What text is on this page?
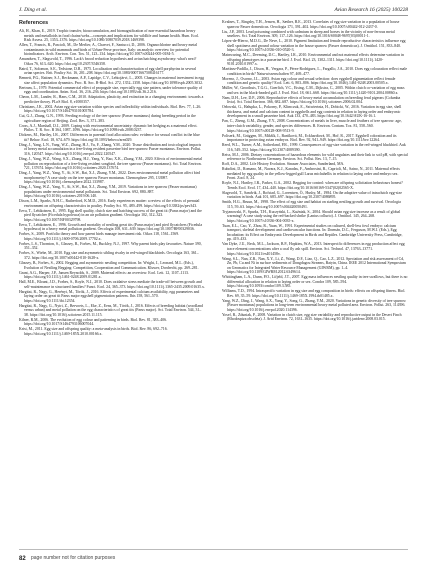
J. Ding et al.	Avian Research 16 (2025) 100228
References
Ali, H., Khan, E., 2019. Trophic transfer, bioaccumulation, and biomagnification of non-essential hazardous heavy metals and metalloids in food chains/webs—concepts and implications for wildlife and human health. Hum. Ecol. Risk Assess. 25, 1353–1376. https://doi.org/10.1080/10807039.2018.1469398.
Allen, T., Francis, R., Pascioli, M., De Merlier, A., Charvet, F., Santucci, D., 2006. Organochlorine and heavy metal contaminants in wild mammals and birds of Urban-Perse province, Italy: an analytic overview for potential bioindicators. Arch. Environ. Con. Tox. 51, 123–134. https://doi.org/10.1007/s00244-005-0184-5.
Amundsen, T., Slagsvold, T., 1996. Lack's brood reduction hypothesis and avian hatching asynchrony: what's next? Oikos 76, 613–620. https://doi.org/10.2307/3546358.
Baird, T., Solomon, S.E., Tedstone, D.R., 1975. Localisation and characterisation of egg shell porphyrins in several avian species. Brit. Poultry Sci. 16, 201–208. https://doi.org/10.1080/00071667508416177.
Bennett, P.G., Rattner, S.J., Beckmann, A.P., Lapidge, C.V., Lehtojärvi, L., 2005. Changes in maternal investment in egg size affect population dynamics. Proc. R. Soc. B-Biol. Sci. 272, 1352–1358. https://doi.org/10.1098/rspb.2005.3032.
Bertram, L., 1979. Potential commercial effect of propagule size, especially egg size pattern, under tolerance quality of eggs and coordination. Anim. Ecol. 36, 216–236. https://doi.org/10.1093/cdt.36.2.216.
Cheon, L.M., Lander, R., Hans, C.M., 2010. Adaptation, plasticity, and extinction in a changing environment: towards a predictive theory. PLoS Biol. 8, e1000357.
Christians, J.K., 2002. Avian egg size variation within species and inflexibility within individuals. Biol. Rev. 77, 1–26. https://doi.org/10.1017/S1464793101005784.
Cui, G.J., Zhang, G.N., 1993. Feeding ecology of the tree sparrow (Passer montanus) during breeding period in the agriculture region of Beijing. Zool. Res. 3, 371–383.
Cross, A.J., Marshall, D.J., 2009. Coping with environmental uncertainty: dynamic bet hedging as a maternal effect. Philos. T. R. Soc. B 364, 1087–1096. https://doi.org/10.1098/rstb.2008.0237.
Dickens, M., Hartley, I.R., 2007. Differences in parental food allocation rules: evidence for sexual conflict in the blue tit? Behav. Ecol. 18, 674–679. https://doi.org/10.1093/beheco/arm029.
Ding, J., Yang, L.N., Yang, W.Z., Zhang, H.J., Yu, F., Zhang, Y.M., 2020. Tissue distribution and toxicological impacts of heavy metal accumulation in a free-living resident passerine bird tree sparrow Passer montanus. Environ. Pollut. 316, 120547. https://doi.org/10.1016/j.envpol.2022.120547.
Ding, J., Yang, W.Z., Wang, S.X., Zhang, H.J., Yang, Y., Bao, X.K., Zhang, Y.M., 2020. Effects of environmental metal pollution on reproduction of a free-living resident songbird, the tree sparrow (Passer montanus). Sci. Total Environ. 721, 137674. https://doi.org/10.1016/j.scitotenv.2020.137674.
Ding, J., Yang, W.Z., Yang, Y., Ai, S.W., Bai, X.J., Zhang, Y.M., 2022. Does environmental metal pollution affect bird morphometry? A case study on the tree sparrow Passer montanus. Chemosphere 295, 133987. https://doi.org/10.1016/j.chemosphere.2022.133987.
Ding, J., Yang, W.Z., Yang, Y., Ai, S.W., Bai, X.J., Zhang, Y.M., 2019. Variations in tree sparrow (Passer montanus) populations under environmental metal pollutants. Sci. Total Environ. 692, 880–887. https://doi.org/10.1016/j.scitotenv.2019.06.140.
Dixon, L.M., Sparks, N.H.C., Rutherford, K.M.D., 2016. Early experiences matter: a review of the effects of prenatal environment on offspring characteristics in poultry. Poultry Sci. 95, 489–499. https://doi.org/10.3382/ps/pev343.
Eeva, T., Lehikoinen, E., 1995. Egg shell quality, clutch size and hatching success of the great tit (Parus major) and the pied flycatcher (Ficedula hypoleuca) in an air pollution gradient. Oecologia 102, 312–323. https://doi.org/10.1007/BF00329798.
Eeva, T., Lehikoinen, E., 1996. Growth and mortality of nestling great tits (Parus major) and pied flycatchers (Ficedula hypoleuca) in a heavy metal pollution gradient. Oecologia 108, 631–639. https://doi.org/10.1007/BF00329036.
Forbes, S., 2009. Portfolio theory and how parent birds manage investment risk. Oikos 118, 1561–1569. https://doi.org/10.1111/j.1600-0706.2009.17702.x.
Forbes, L.S., Thornton, S., Glassey, B., Forbes, M., Buckley, N.J., 1997. Why parent birds play favourites. Nature 390, 351–352.
Forbes, S., Wiebe, M., 2010. Egg size and asymmetric sibling rivalry in red-winged blackbirds. Oecologia 163, 361–372. https://doi.org/10.1007/s00442-010-1628-x.
Glassey, B., Forbes, S., 2002. Begging and asymmetric nestling competition. In: Wright, J., Leonard, M.L. (Eds.), Evolution of Nestling Begging: Competition, Cooperation and Communication. Kluwer, Dordrecht, pp. 269–281.
Grant, A.G., Harper, J.P., Jansen Reynolds, S., 2009. Maternal effects: an overview. Ecol. Lett. 12, 1107–1113. https://doi.org/10.1111/j.1461-0248.2009.01281.x.
Hall, M.E., Blount, J.D., Forbes, S., Royle, N.J., 2010. Does oxidative stress mediate the trade-off between growth and self-maintenance in structured families? Funct. Ecol. 24, 365–373. https://doi.org/10.1111/j.1365-2435.2009.01635.x.
Hargitai, R., Nagy, G., Herényi, M., Török, J., 2016. Effects of experimental calcium availability, egg parameters and laying order on great tit Parus major eggshell pigmentation patterns. Ibis 158, 561–570. https://doi.org/10.1111/ibi.12354.
Hargitai, R., Nagy, G., Nyiri, Z., Bervoets, L., Eke, Z., Eens, M., Török, J., 2016. Effects of breeding habitat (woodland versus urban) and metal pollution on the egg characteristics of great tits (Parus major). Sci. Total Environ. 544, 31–38. https://doi.org/10.1016/j.scitotenv.2015.11.115.
Kilner, R.M., 2006. The evolution of egg colour and patterning in birds. Biol. Rev. 81, 383–406. https://doi.org/10.1017/S1464793106007044.
Krist, M., 2011. Egg size and offspring quality: a meta-analysis in birds. Biol. Rev. 86, 692–716. https://doi.org/10.1111/j.1469-185X.2010.00166.x.
Kvalnes, T., Ringsby, T.H., Jensen, H., Sæther, B.E., 2013. Correlates of egg size variation in a population of house sparrow Passer domesticus. Oecologia 171, 391–402. https://doi.org/10.1007/s00442-012-2437-0.
Liu, J.P., 2003. Lead poisoning combined with cadmium in sheep and horses in the vicinity of non-ferrous metal smelters. Sci. Total Environ. 309, 117–126. https://doi.org/10.1016/S0048-9697(03)00011-1.
López-de-Hierro, M.D.G., De Neve, L., 2010. Pigment limitation and female reproductive characteristics influence egg shell spottiness and ground colour variation in the house sparrow (Passer domesticus). J. Ornithol. 151, 833–840. https://doi.org/10.1007/s10336-010-0520-3.
Mainwaring, M.C., Deeming, D.C., Hartley, I.R., 2010. Environmental and not maternal effects determine variation in offspring phenotypes in a passerine bird. J. Evol. Biol. 23, 1302–1311. https://doi.org/10.1111/j.1420-9101.2010.01997.x.
Martínez-Padilla, J., Dixon, H., Vergara, P., Pérez-Rodríguez, L., Fargallo, J.A., 2010. Does egg colouration reflect male condition in birds? Naturwissenschaften 97, 469–477.
Moreno, J., Osorno, J.L., 2003. Avian egg colour and sexual selection: does eggshell pigmentation reflect female condition and genetic quality? Ecol. Lett. 6, 803–806. https://doi.org/10.1046/j.1461-0248.2003.00505.x.
Müller, W., Groothuis, T.G.G., Goerlich, V.C., Eising, C.M., Dijkstra, C., 2005. Within clutch co-variation of egg mass and sex in the black-headed gull. J. Evol. Biol. 18, 661–668. https://doi.org/10.1111/j.1420-9101.2004.00860.x.
Nam, D.H., Lee, D.P., 2006. Reproductive effects of heavy metal accumulation on breeding feral pigeons (Columba livia). Sci. Total Environ. 366, 682–687. https://doi.org/10.1016/j.scitotenv.2006.02.004.
Orłowski, G., Hałupka, L., Pokorny, P., Klimczuk, E., Sztwiertnia, H., Dobicki, W., 2016. Variation in egg size, shell thickness, and metal and calcium content in eggshells and egg contents in relation to laying order and embryonic development in a small passerine bird. Auk 133, 470–483. https://doi.org/10.1642/AUK-16-16.1.
Pan, C., Zheng, G.M., Zhang, Y.Y., 2008. Concentrations of metals in liver, muscle and feathers of tree sparrow: age, inter-clutch variability, gender, and species differences. B. Environ. Contam. Tox. 81, 558–560. https://doi.org/10.1007/s00128-008-9513-9.
Poliserk, M., Grüggen, M., Mikšík, I., Bartíková, M., Eckhardtová, M., Hoř, R., 2017. Eggshell coloration and its importance in protecting avian embryos. Biol. Rev. 92, 941–949. https://doi.org/10.1111/brv.12264.
Reed, W.L., Turner, A.M., Sotherland, P.R., 1999. Consequences of egg-size variation in the red-winged blackbird. Auk 116, 549–552. https://doi.org/10.2307/4089390.
Reiss, M.J., 2006. Dietary concentrations of hazardous elements for wild ungulates and their link to soil pH, with special reference to Northeastern Germany. Environ. Sci. Pollut. Res. 13, 7–15.
Roff, D.A., 2002. Life History Evolution. Sinauer Associates, Sunderland, MA.
Rubolini, D., Romano, M., Navara, K.J., Karadas, F., Ambrosini, R., Caprioli, M., Saino, N., 2011. Maternal effects mediated by egg quality in the yellow-legged gull Larus michahellis in relation to laying order and embryo sex. Front. Zool. 8, 24.
Royle, N.J., Hartley, I.R., Parker, G.A., 2002. Begging for control: when are offspring solicitation behaviours honest? Trends Ecol. Evol. 17, 434–440. https://doi.org/10.1016/S0169-5347(02)02565-X.
Slagsvold, T., Sandvik, J., Rofstad, G., Lorentsen, Ö., Husby, M., 1984. On the adaptive value of intraclutch egg-size variation in birds. Auk 101, 685–697. https://doi.org/10.2307/4086895.
Smith, H.G., Bruun, M., 1998. The effect of egg size and habitat on starling nestling growth and survival. Oecologia 115, 59–63. https://doi.org/10.1007/s004420050491.
Tryjanowski, P., Sparks, T.H., Kuczyński, L., Kuźniak, S., 2004. Should avian egg size increase as a result of global warming? A case study using the red-backed shrike (Lanius collurio). J. Ornithol. 145, 264–268. https://doi.org/10.1007/s10336-004-0035-x.
Tuan, E.L., Cao, Y., Zhou, R., Yuan, W., 1991. Experimental studies on cultured, shell-less fowl embryo: calcium transport, skeletal development and cardiovascular functions. In: Dormán, D.C., Ferguson, M.W.J. (Eds.), Egg Incubation: its Effect on Embryonic Development in Birds and Reptiles. Cambridge University Press, Cambridge, pp. 419–433.
Van Dyke, J.U., Beck, M.L., Jackson, B.P., Hopkins, W.A., 2013. Interspecific differences in egg production affect egg trace element concentrations after a coal fly ash spill. Environ. Sci. Technol. 47, 13763–13771. https://doi.org/10.1021/es401458v.
Wang, S.L., Nan, Z.R., Nan, X.Y., Li, Z., Wang, D.F., Liao, Q., Cao, L.Z., 2012. Speciation and risk assessment of Cd, Zn, Pb, Cu and Ni in surface sediments of Dongdagou Streams, Baiyin, China. IEEE 2012 International Symposium on Geomatics for Integrated Water Resource Management (GIWRM), pp. 1–4. https://doi.org/10.1109/GIWRM.2012.6349614.
Whittingham, L.A., Dunn, P.O., Lifjeld, J.T., 2007. Egg mass influences nestling quality in tree swallows, but there is no differential allocation in relation to laying order or sex. Condor 109, 585–594. https://doi.org/10.1093/condor/109.3.585.
Williams, T.D., 1994. Intraspecific variation in egg size and egg composition in birds: effects on offspring fitness. Biol. Rev. 69, 35–59. https://doi.org/10.1111/j.1469-185X.1994.tb01485.x.
Yang, W.Z., Ding, J., Wang, S.X., Yang, Y., Song, G., Zhang, Y.M., 2020. Variations in genetic diversity of tree sparrow (Passer montanus) populations in long-term environmental heavy metal polluted area. Environ. Pollut. 263, 114396. https://doi.org/10.1016/j.envpol.2020.114396.
Yosef, R., Zduniak, P., 2008. Variation in clutch size, egg size variability and reproductive output in the Desert Finch (Rhodospiza obsoleta). J. Arid Environ. 72, 1631–1635. https://doi.org/10.1016/j.jaridenv.2008.03.015.
82 page number not for citation purposes
